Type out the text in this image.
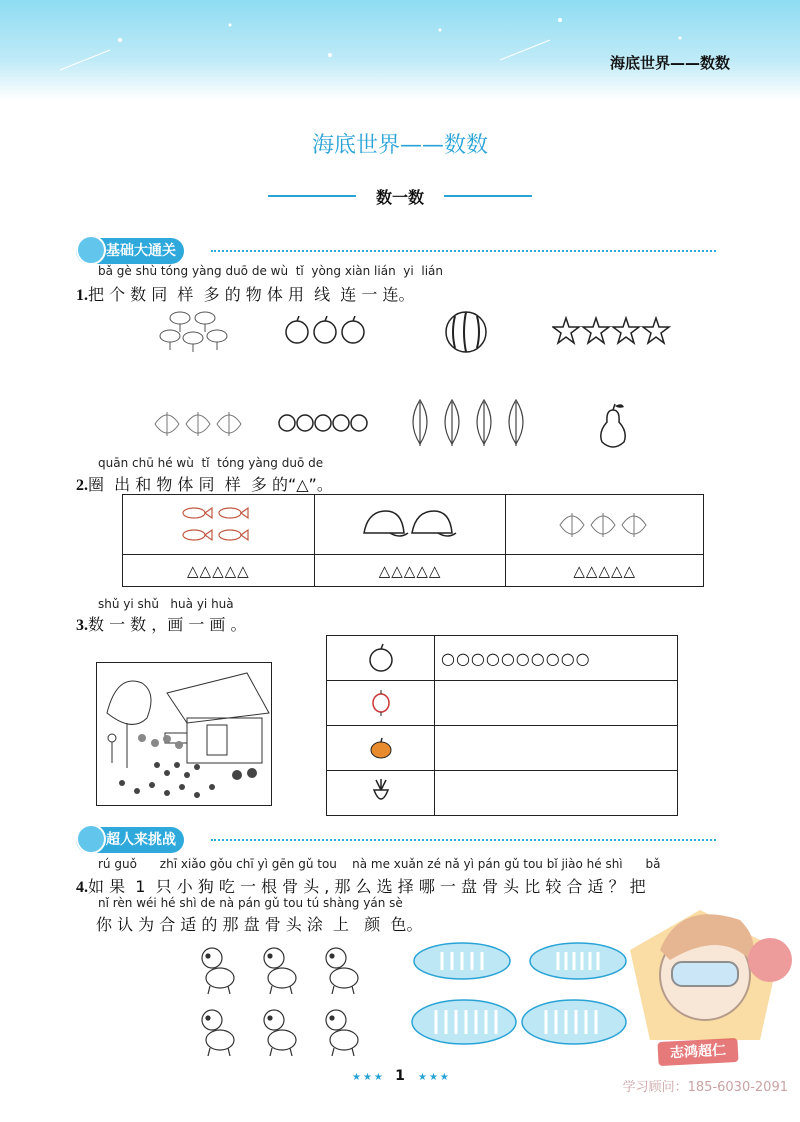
海底世界——数数
海底世界——数数
数一数
基础大通关
bǎ gè shù tóng yàng duō de wù  tǐ  yòng xiàn lián  yi  lián
1.把 个 数 同  样  多 的 物 体 用  线  连 一 连。
quān chū hé wù  tǐ  tóng yàng duō de
2.圈  出 和 物 体 同  样  多 的“△”。

△△△△△	△△△△△	△△△△△
shǔ yi shǔ   huà yi huà
3.数 一 数 ，画 一 画 。
	○○○○○○○○○○

超人来挑战
rú guǒ      zhī xiǎo gǒu chī yì gēn gǔ tou    nà me xuǎn zé nǎ yì pán gǔ tou bǐ jiào hé shì      bǎ
4.如 果  1  只 小 狗 吃 一 根 骨 头 , 那 么 选 择 哪 一 盘 骨 头 比 较 合 适 ？ 把
nǐ rèn wéi hé shì de nà pán gǔ tou tú shàng yán sè
你 认 为 合 适 的 那 盘 骨 头 涂  上   颜  色。
志鸿超仁
★★★ 1	★★★
学习顾问：185-6030-2091
